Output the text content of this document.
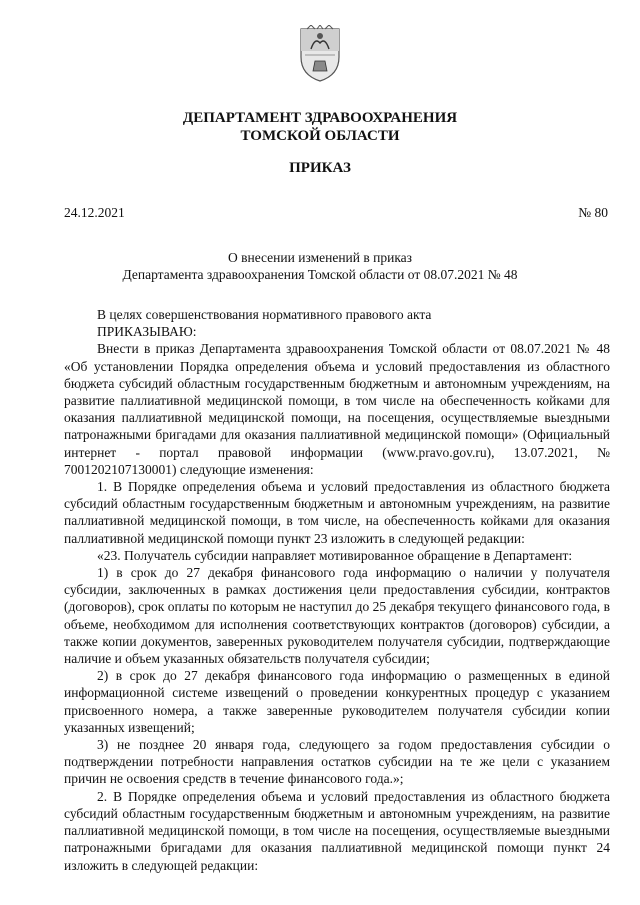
ДЕПАРТАМЕНТ ЗДРАВООХРАНЕНИЯ
ТОМСКОЙ ОБЛАСТИ
ПРИКАЗ
24.12.2021	№ 80
О внесении изменений в приказ
Департамента здравоохранения Томской области от 08.07.2021 № 48

В целях совершенствования нормативного правового акта

ПРИКАЗЫВАЮ:

Внести в приказ Департамента здравоохранения Томской области от 08.07.2021 № 48 «Об установлении Порядка определения объема и условий предоставления из областного бюджета субсидий областным государственным бюджетным и автономным учреждениям, на развитие паллиативной медицинской помощи, в том числе на обеспеченность койками для оказания паллиативной медицинской помощи, на посещения, осуществляемые выездными патронажными бригадами для оказания паллиативной медицинской помощи» (Официальный интернет - портал правовой информации (www.pravo.gov.ru), 13.07.2021, № 7001202107130001) следующие изменения:

1. В Порядке определения объема и условий предоставления из областного бюджета субсидий областным государственным бюджетным и автономным учреждениям, на развитие паллиативной медицинской помощи, в том числе, на обеспеченность койками для оказания паллиативной медицинской помощи пункт 23 изложить в следующей редакции:

«23. Получатель субсидии направляет мотивированное обращение в Департамент:

1) в срок до 27 декабря финансового года информацию о наличии у получателя субсидии, заключенных в рамках достижения цели предоставления субсидии, контрактов (договоров), срок оплаты по которым не наступил до 25 декабря текущего финансового года, в объеме, необходимом для исполнения соответствующих контрактов (договоров) субсидии, а также копии документов, заверенных руководителем получателя субсидии, подтверждающие наличие и объем указанных обязательств получателя субсидии;

2) в срок до 27 декабря финансового года информацию о размещенных в единой информационной системе извещений о проведении конкурентных процедур с указанием присвоенного номера, а также заверенные руководителем получателя субсидии копии указанных извещений;

3) не позднее 20 января года, следующего за годом предоставления субсидии о подтверждении потребности направления остатков субсидии на те же цели с указанием причин не освоения средств в течение финансового года.»;

2. В Порядке определения объема и условий предоставления из областного бюджета субсидий областным государственным бюджетным и автономным учреждениям, на развитие паллиативной медицинской помощи, в том числе на посещения, осуществляемые выездными патронажными бригадами для оказания паллиативной медицинской помощи пункт 24 изложить в следующей редакции:
